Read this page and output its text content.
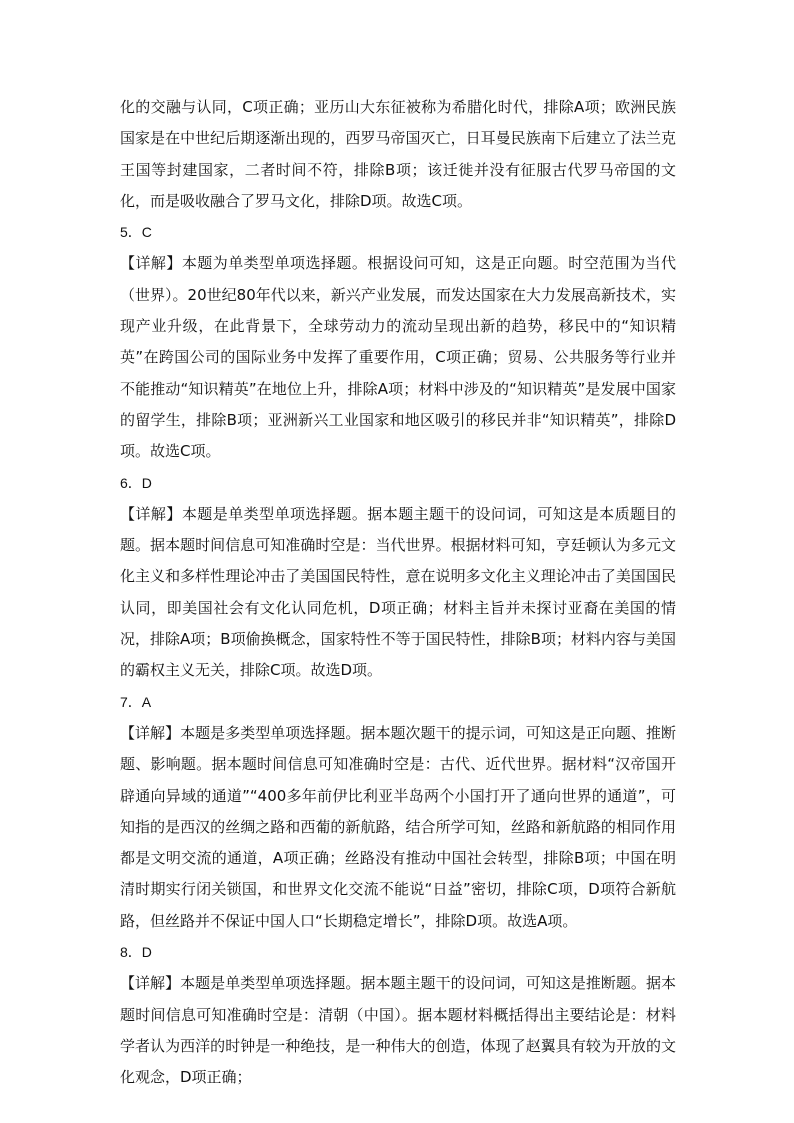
化的交融与认同，C项正确；亚历山大东征被称为希腊化时代，排除A项；欧洲民族国家是在中世纪后期逐渐出现的，西罗马帝国灭亡，日耳曼民族南下后建立了法兰克王国等封建国家，二者时间不符，排除B项；该迁徙并没有征服古代罗马帝国的文化，而是吸收融合了罗马文化，排除D项。故选C项。

5．C

【详解】本题为单类型单项选择题。根据设问可知，这是正向题。时空范围为当代（世界）。20世纪80年代以来，新兴产业发展，而发达国家在大力发展高新技术，实现产业升级，在此背景下，全球劳动力的流动呈现出新的趋势，移民中的“知识精英”在跨国公司的国际业务中发挥了重要作用，C项正确；贸易、公共服务等行业并不能推动“知识精英”在地位上升，排除A项；材料中涉及的“知识精英”是发展中国家的留学生，排除B项；亚洲新兴工业国家和地区吸引的移民并非“知识精英”，排除D项。故选C项。

6．D

【详解】本题是单类型单项选择题。据本题主题干的设问词，可知这是本质题目的题。据本题时间信息可知准确时空是：当代世界。根据材料可知，亨廷顿认为多元文化主义和多样性理论冲击了美国国民特性，意在说明多文化主义理论冲击了美国国民认同，即美国社会有文化认同危机，D项正确；材料主旨并未探讨亚裔在美国的情况，排除A项；B项偷换概念，国家特性不等于国民特性，排除B项；材料内容与美国的霸权主义无关，排除C项。故选D项。

7．A

【详解】本题是多类型单项选择题。据本题次题干的提示词，可知这是正向题、推断题、影响题。据本题时间信息可知准确时空是：古代、近代世界。据材料“汉帝国开辟通向异域的通道”“400多年前伊比利亚半岛两个小国打开了通向世界的通道”，可知指的是西汉的丝绸之路和西葡的新航路，结合所学可知，丝路和新航路的相同作用都是文明交流的通道，A项正确；丝路没有推动中国社会转型，排除B项；中国在明清时期实行闭关锁国，和世界文化交流不能说“日益”密切，排除C项，D项符合新航路，但丝路并不保证中国人口“长期稳定增长”，排除D项。故选A项。

8．D

【详解】本题是单类型单项选择题。据本题主题干的设问词，可知这是推断题。据本题时间信息可知准确时空是：清朝（中国）。据本题材料概括得出主要结论是：材料学者认为西洋的时钟是一种绝技，是一种伟大的创造，体现了赵翼具有较为开放的文化观念，D项正确；
